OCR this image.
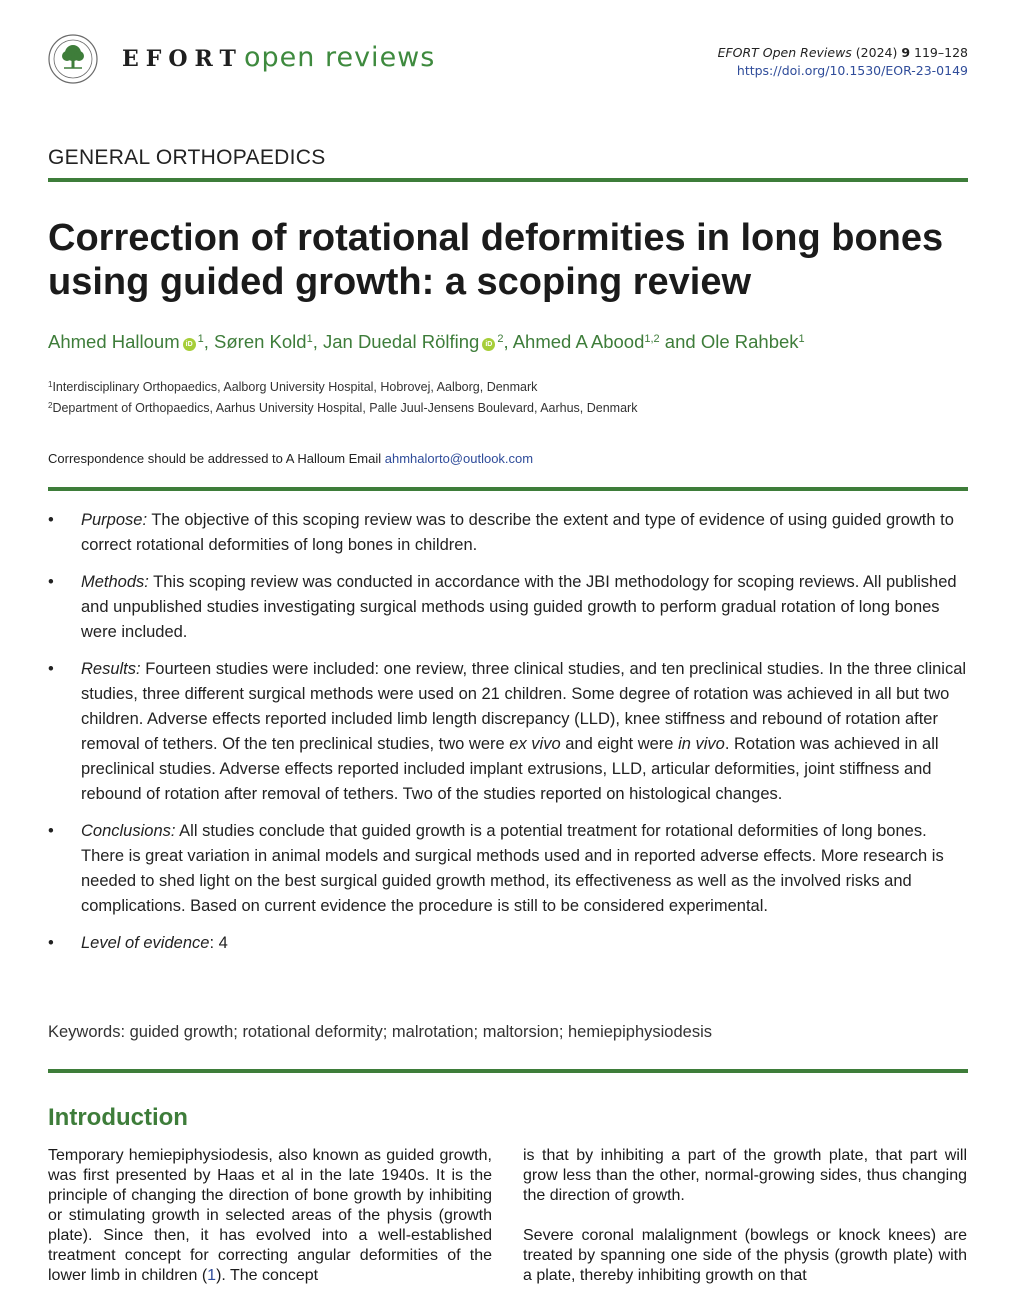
EFORT open reviews	EFORT Open Reviews (2024) 9 119–128
https://doi.org/10.1530/EOR-23-0149
GENERAL ORTHOPAEDICS
Correction of rotational deformities in long bones using guided growth: a scoping review
Ahmed Halloum iD $^1$, Søren Kold$^1$, Jan Duedal Rölfing iD $^2$, Ahmed A Abood$^{1,2}$ and Ole Rahbek$^1$
$^1$Interdisciplinary Orthopaedics, Aalborg University Hospital, Hobrovej, Aalborg, Denmark
$^2$Department of Orthopaedics, Aarhus University Hospital, Palle Juul-Jensens Boulevard, Aarhus, Denmark
Correspondence should be addressed to A Halloum Email ahmhalorto@outlook.com
• Purpose: The objective of this scoping review was to describe the extent and type of evidence of using guided growth to correct rotational deformities of long bones in children.
• Methods: This scoping review was conducted in accordance with the JBI methodology for scoping reviews. All published and unpublished studies investigating surgical methods using guided growth to perform gradual rotation of long bones were included.
• Results: Fourteen studies were included: one review, three clinical studies, and ten preclinical studies. In the three clinical studies, three different surgical methods were used on 21 children. Some degree of rotation was achieved in all but two children. Adverse effects reported included limb length discrepancy (LLD), knee stiffness and rebound of rotation after removal of tethers. Of the ten preclinical studies, two were ex vivo and eight were in vivo. Rotation was achieved in all preclinical studies. Adverse effects reported included implant extrusions, LLD, articular deformities, joint stiffness and rebound of rotation after removal of tethers. Two of the studies reported on histological changes.
• Conclusions: All studies conclude that guided growth is a potential treatment for rotational deformities of long bones. There is great variation in animal models and surgical methods used and in reported adverse effects. More research is needed to shed light on the best surgical guided growth method, its effectiveness as well as the involved risks and complications. Based on current evidence the procedure is still to be considered experimental.
• Level of evidence: 4
Keywords: guided growth; rotational deformity; malrotation; maltorsion; hemiepiphysiodesis
Introduction

Temporary hemiepiphysiodesis, also known as guided growth, was first presented by Haas et al in the late 1940s. It is the principle of changing the direction of bone growth by inhibiting or stimulating growth in selected areas of the physis (growth plate). Since then, it has evolved into a well-established treatment concept for correcting angular deformities of the lower limb in children (1). The concept

is that by inhibiting a part of the growth plate, that part will grow less than the other, normal-growing sides, thus changing the direction of growth.

Severe coronal malalignment (bowlegs or knock knees) are treated by spanning one side of the physis (growth plate) with a plate, thereby inhibiting growth on that
